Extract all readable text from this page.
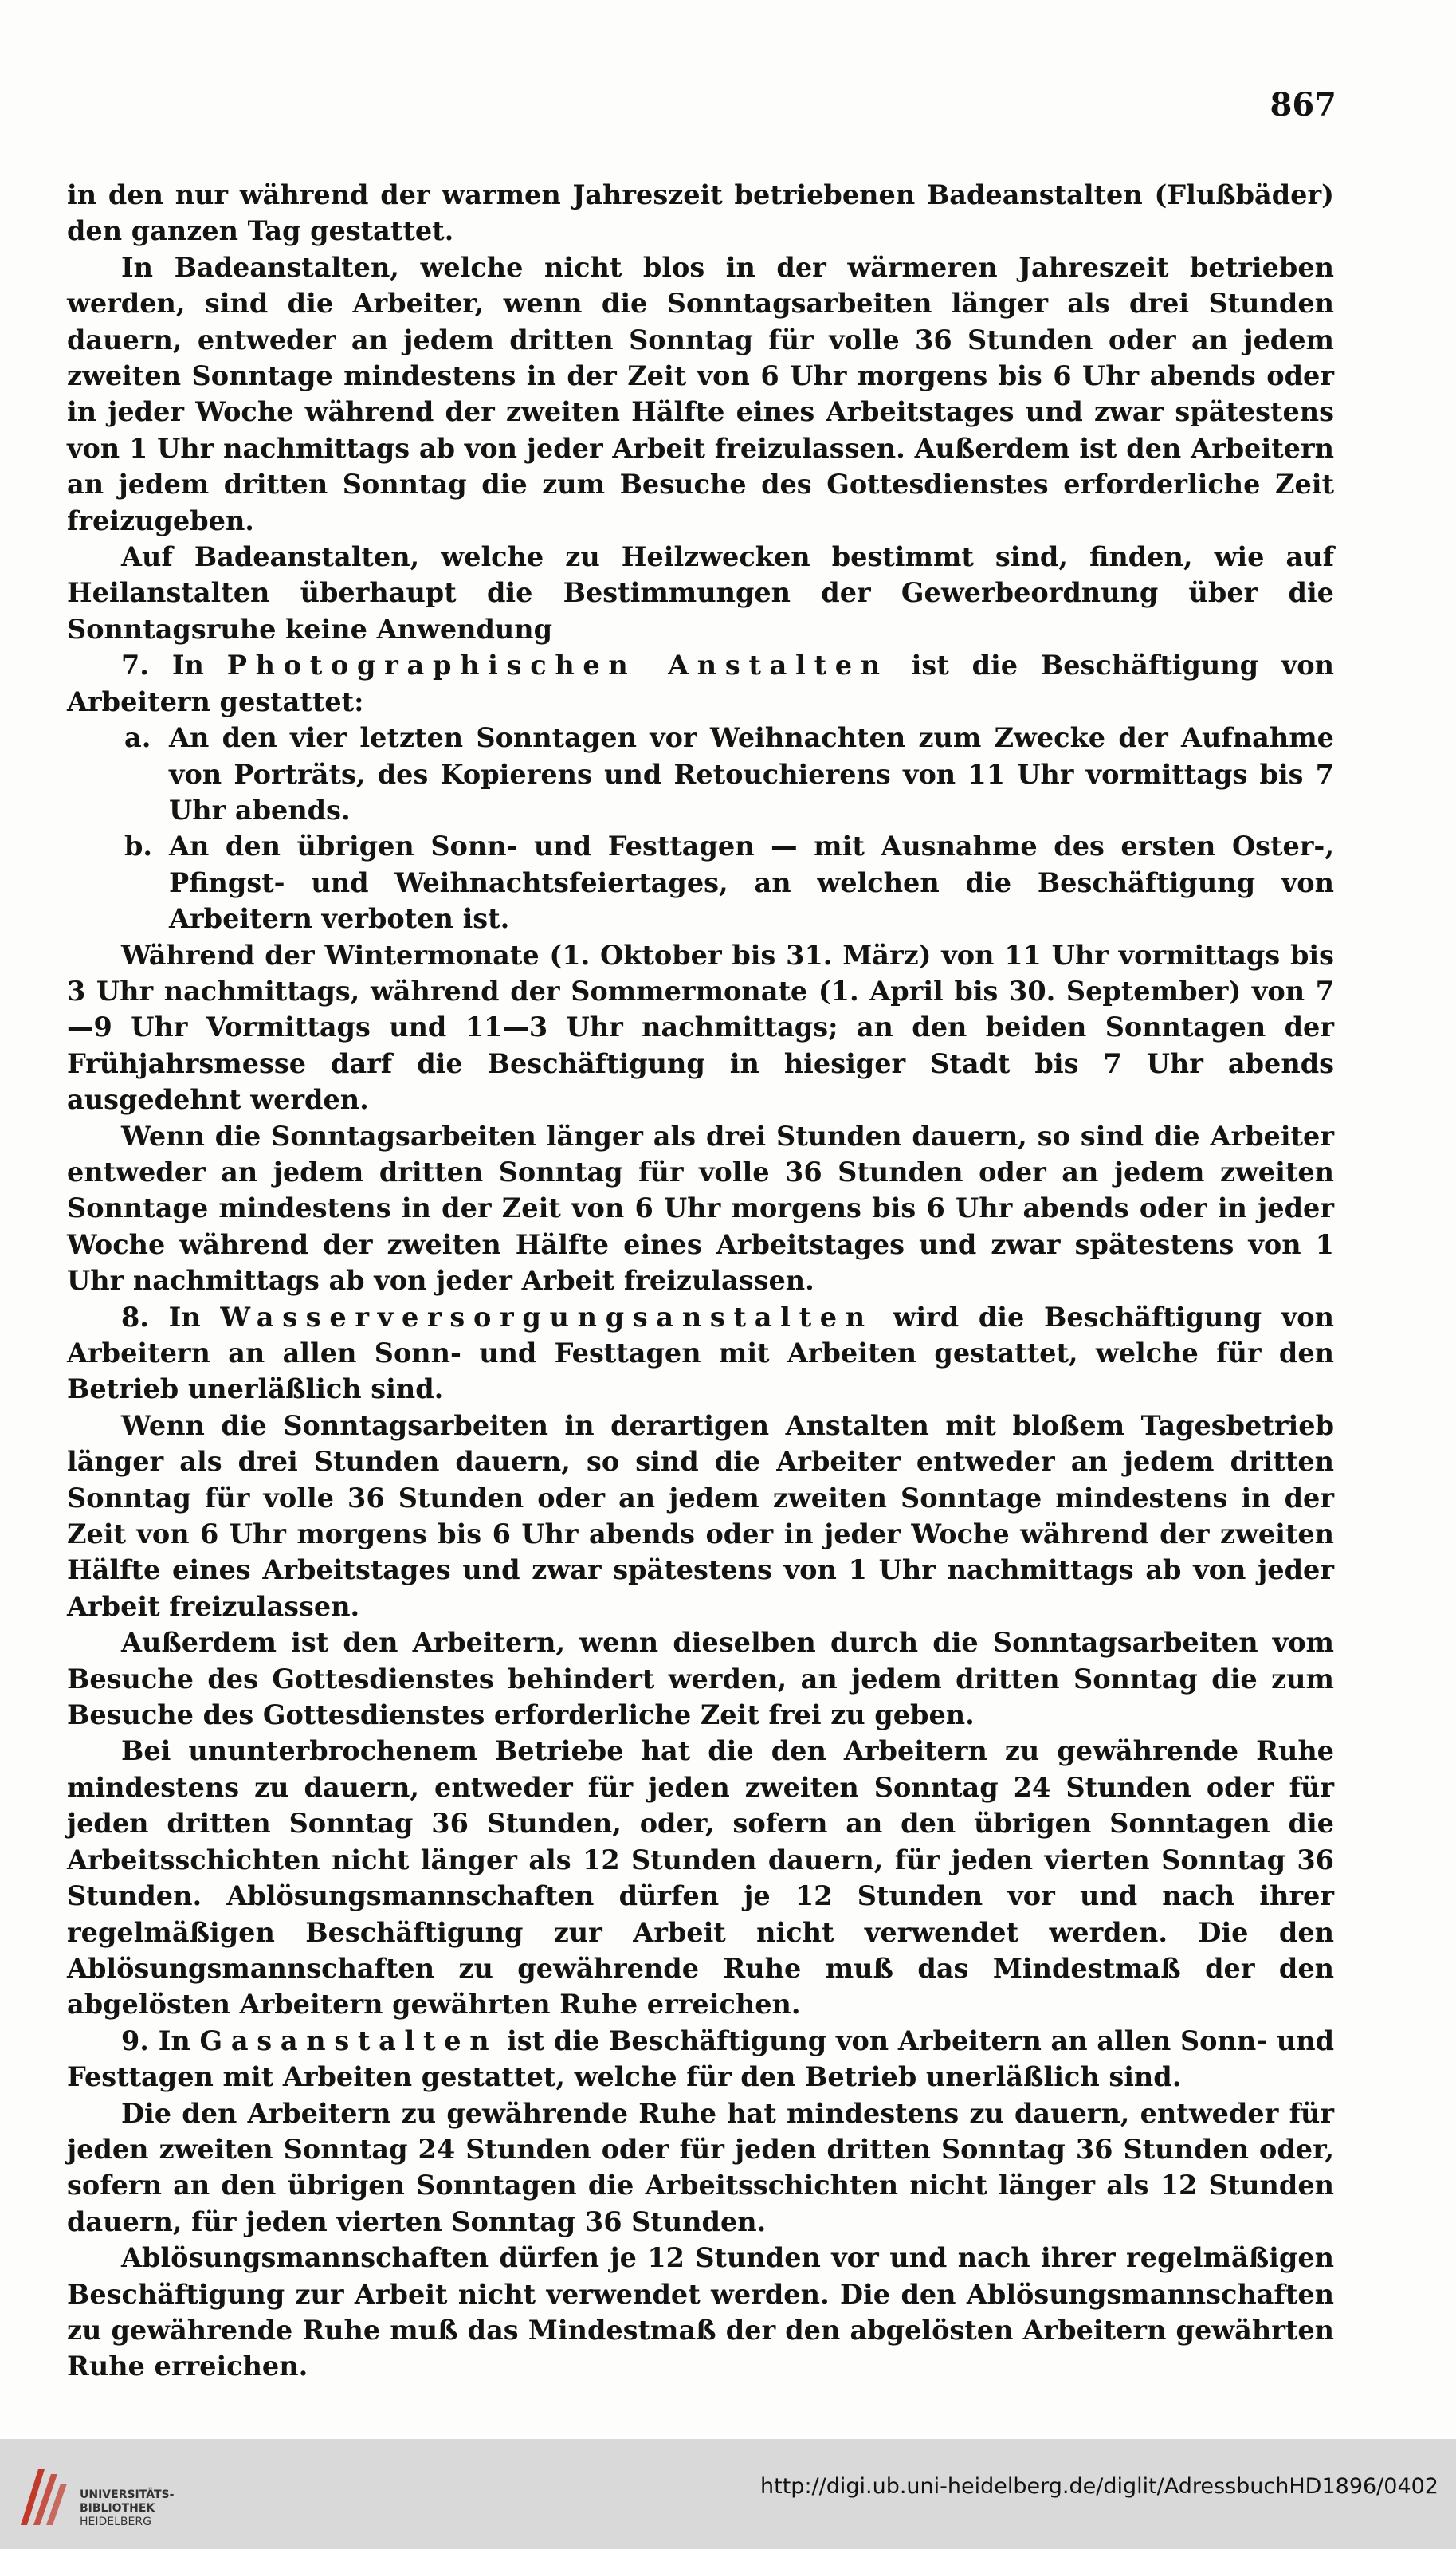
867

in den nur während der warmen Jahreszeit betriebenen Badeanstalten (Flußbäder) den ganzen Tag gestattet.

In Badeanstalten, welche nicht blos in der wärmeren Jahreszeit betrieben werden, sind die Arbeiter, wenn die Sonntagsarbeiten länger als drei Stunden dauern, entweder an jedem dritten Sonntag für volle 36 Stunden oder an jedem zweiten Sonntage mindestens in der Zeit von 6 Uhr morgens bis 6 Uhr abends oder in jeder Woche während der zweiten Hälfte eines Arbeitstages und zwar spätestens von 1 Uhr nachmittags ab von jeder Arbeit freizulassen. Außerdem ist den Arbeitern an jedem dritten Sonntag die zum Besuche des Gottesdienstes erforderliche Zeit freizugeben.

Auf Badeanstalten, welche zu Heilzwecken bestimmt sind, finden, wie auf Heilanstalten überhaupt die Bestimmungen der Gewerbeordnung über die Sonntagsruhe keine Anwendung

7. In Photographischen Anstalten ist die Beschäftigung von Arbeitern gestattet:

a. An den vier letzten Sonntagen vor Weihnachten zum Zwecke der Aufnahme von Porträts, des Kopierens und Retouchierens von 11 Uhr vormittags bis 7 Uhr abends.

b. An den übrigen Sonn- und Festtagen — mit Ausnahme des ersten Oster-, Pfingst- und Weihnachtsfeiertages, an welchen die Beschäftigung von Arbeitern verboten ist.

Während der Wintermonate (1. Oktober bis 31. März) von 11 Uhr vormittags bis 3 Uhr nachmittags, während der Sommermonate (1. April bis 30. September) von 7—9 Uhr Vormittags und 11—3 Uhr nachmittags; an den beiden Sonntagen der Frühjahrsmesse darf die Beschäftigung in hiesiger Stadt bis 7 Uhr abends ausgedehnt werden.

Wenn die Sonntagsarbeiten länger als drei Stunden dauern, so sind die Arbeiter entweder an jedem dritten Sonntag für volle 36 Stunden oder an jedem zweiten Sonntage mindestens in der Zeit von 6 Uhr morgens bis 6 Uhr abends oder in jeder Woche während der zweiten Hälfte eines Arbeitstages und zwar spätestens von 1 Uhr nachmittags ab von jeder Arbeit freizulassen.

8. In Wasserversorgungsanstalten wird die Beschäftigung von Arbeitern an allen Sonn- und Festtagen mit Arbeiten gestattet, welche für den Betrieb unerläßlich sind.

Wenn die Sonntagsarbeiten in derartigen Anstalten mit bloßem Tagesbetrieb länger als drei Stunden dauern, so sind die Arbeiter entweder an jedem dritten Sonntag für volle 36 Stunden oder an jedem zweiten Sonntage mindestens in der Zeit von 6 Uhr morgens bis 6 Uhr abends oder in jeder Woche während der zweiten Hälfte eines Arbeitstages und zwar spätestens von 1 Uhr nachmittags ab von jeder Arbeit freizulassen.

Außerdem ist den Arbeitern, wenn dieselben durch die Sonntagsarbeiten vom Besuche des Gottesdienstes behindert werden, an jedem dritten Sonntag die zum Besuche des Gottesdienstes erforderliche Zeit frei zu geben.

Bei ununterbrochenem Betriebe hat die den Arbeitern zu gewährende Ruhe mindestens zu dauern, entweder für jeden zweiten Sonntag 24 Stunden oder für jeden dritten Sonntag 36 Stunden, oder, sofern an den übrigen Sonntagen die Arbeitsschichten nicht länger als 12 Stunden dauern, für jeden vierten Sonntag 36 Stunden. Ablösungsmannschaften dürfen je 12 Stunden vor und nach ihrer regelmäßigen Beschäftigung zur Arbeit nicht verwendet werden. Die den Ablösungsmannschaften zu gewährende Ruhe muß das Mindestmaß der den abgelösten Arbeitern gewährten Ruhe erreichen.

9. In Gasanstalten ist die Beschäftigung von Arbeitern an allen Sonn- und Festtagen mit Arbeiten gestattet, welche für den Betrieb unerläßlich sind.

Die den Arbeitern zu gewährende Ruhe hat mindestens zu dauern, entweder für jeden zweiten Sonntag 24 Stunden oder für jeden dritten Sonntag 36 Stunden oder, sofern an den übrigen Sonntagen die Arbeitsschichten nicht länger als 12 Stunden dauern, für jeden vierten Sonntag 36 Stunden.

Ablösungsmannschaften dürfen je 12 Stunden vor und nach ihrer regelmäßigen Beschäftigung zur Arbeit nicht verwendet werden. Die den Ablösungsmannschaften zu gewährende Ruhe muß das Mindestmaß der den abgelösten Arbeitern gewährten Ruhe erreichen.

UNIVERSITÄTS-
BIBLIOTHEK
HEIDELBERG
http://digi.ub.uni-heidelberg.de/diglit/AdressbuchHD1896/0402
